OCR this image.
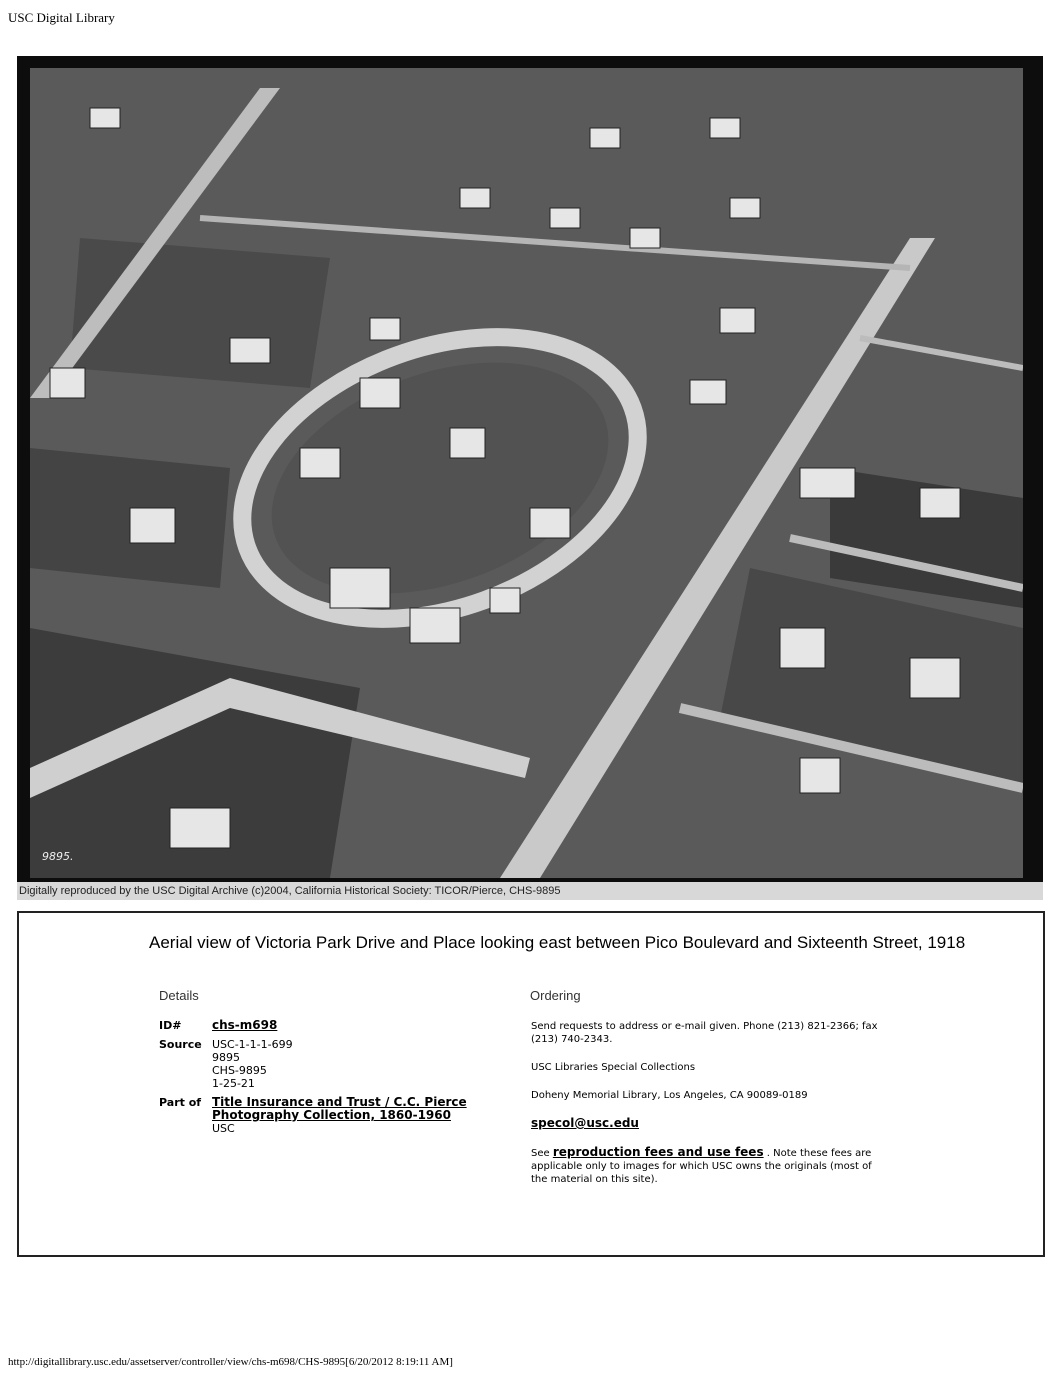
USC Digital Library
9895.
Digitally reproduced by the USC Digital Archive (c)2004, California Historical Society: TICOR/Pierce, CHS-9895
Aerial view of Victoria Park Drive and Place looking east between Pico Boulevard and Sixteenth Street, 1918
Details	Ordering
ID#	chs-m698
Source USC-1-1-1-699
9895
CHS-9895
1-25-21
Part of Title Insurance and Trust / C.C. Pierce Photography Collection, 1860-1960
USC

Send requests to address or e-mail given. Phone (213) 821-2366; fax (213) 740-2343.

USC Libraries Special Collections

Doheny Memorial Library, Los Angeles, CA 90089-0189

specol@usc.edu

See reproduction fees and use fees . Note these fees are applicable only to images for which USC owns the originals (most of the material on this site).

http://digitallibrary.usc.edu/assetserver/controller/view/chs-m698/CHS-9895[6/20/2012 8:19:11 AM]
